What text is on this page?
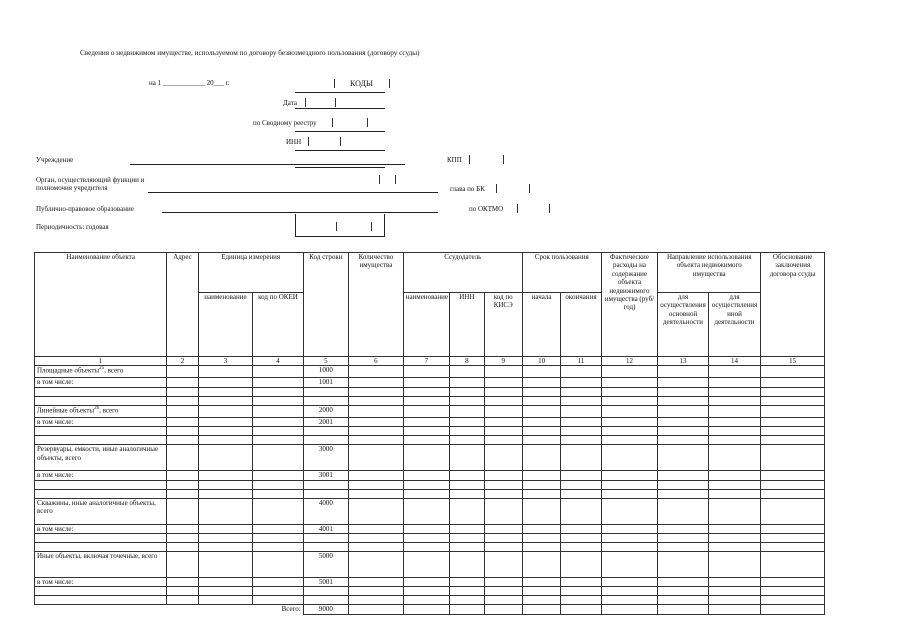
Сведения о недвижимом имуществе, используемом по договору безвозмездного пользования (договору ссуды)
на 1 ____________ 20___ г.	КОДЫ
Дата
по Сводному реестру
ИНН
Учреждение	КПП
Орган, осуществляющий функции и
полномочия учредителя	глава по БК
Публично-правовое образование	по ОКТМО
Периодичность: годовая
Наименование объекта	Адрес	Единица измерения		Код строки	Количество имущества	Ссудодатель			Срок пользования		Фактические расходы на содержание объекта недвижимого имущества (руб/год)	Направление использования объекта недвижимого имущества		Обоснование заключения договора ссуды
		наименование	код по ОКЕИ			наименование	ИНН	код по КИСЭ	начала	окончания		для осуществления основной деятельности	для осуществления иной деятельности	
1	2	3	4	5	6	7	8	9	10	11	12	13	14	15
Площадные объекты$^{25}$, всего				1000										
в том числе:				1001										

Линейные объекты$^{26}$, всего				2000										
в том числе:				2001										

Резервуары, емкости, иные аналогичные объекты, всего				3000										
в том числе:				3001										

Скважины, иные аналогичные объекты, всего				4000										
в том числе:				4001										

Иные объекты, включая точечные, всего				5000										
в том числе:				5001										

Всего:				9000										
